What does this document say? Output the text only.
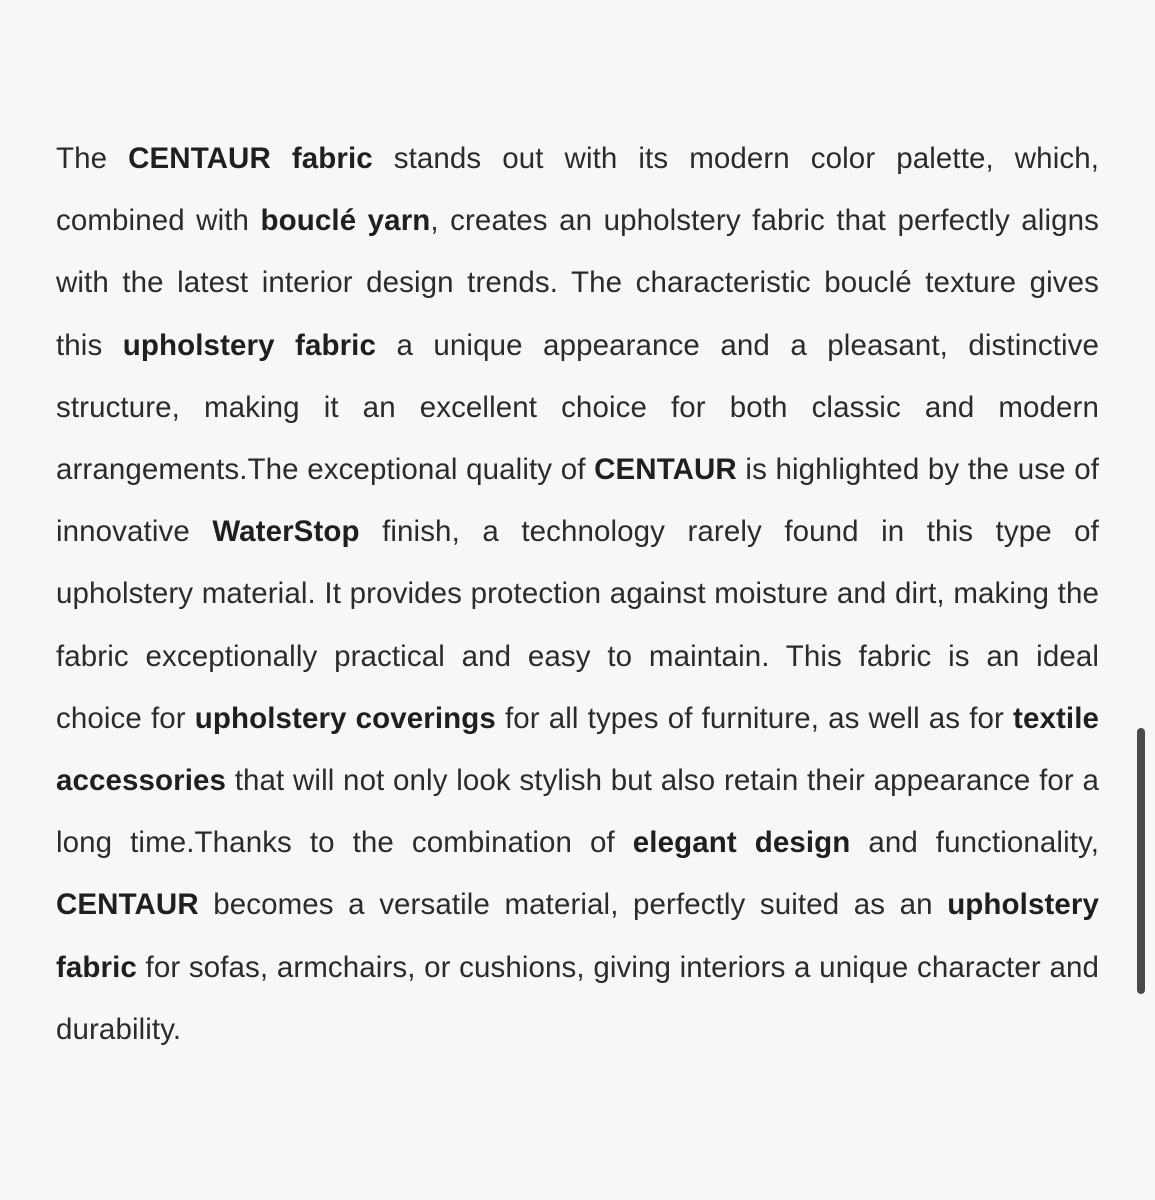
The CENTAUR fabric stands out with its modern color palette, which, combined with bouclé yarn, creates an upholstery fabric that perfectly aligns with the latest interior design trends. The characteristic bouclé texture gives this upholstery fabric a unique appearance and a pleasant, distinctive structure, making it an excellent choice for both classic and modern arrangements.The exceptional quality of CENTAUR is highlighted by the use of innovative WaterStop finish, a technology rarely found in this type of upholstery material. It provides protection against moisture and dirt, making the fabric exceptionally practical and easy to maintain. This fabric is an ideal choice for upholstery coverings for all types of furniture, as well as for textile accessories that will not only look stylish but also retain their appearance for a long time.Thanks to the combination of elegant design and functionality, CENTAUR becomes a versatile material, perfectly suited as an upholstery fabric for sofas, armchairs, or cushions, giving interiors a unique character and durability.
